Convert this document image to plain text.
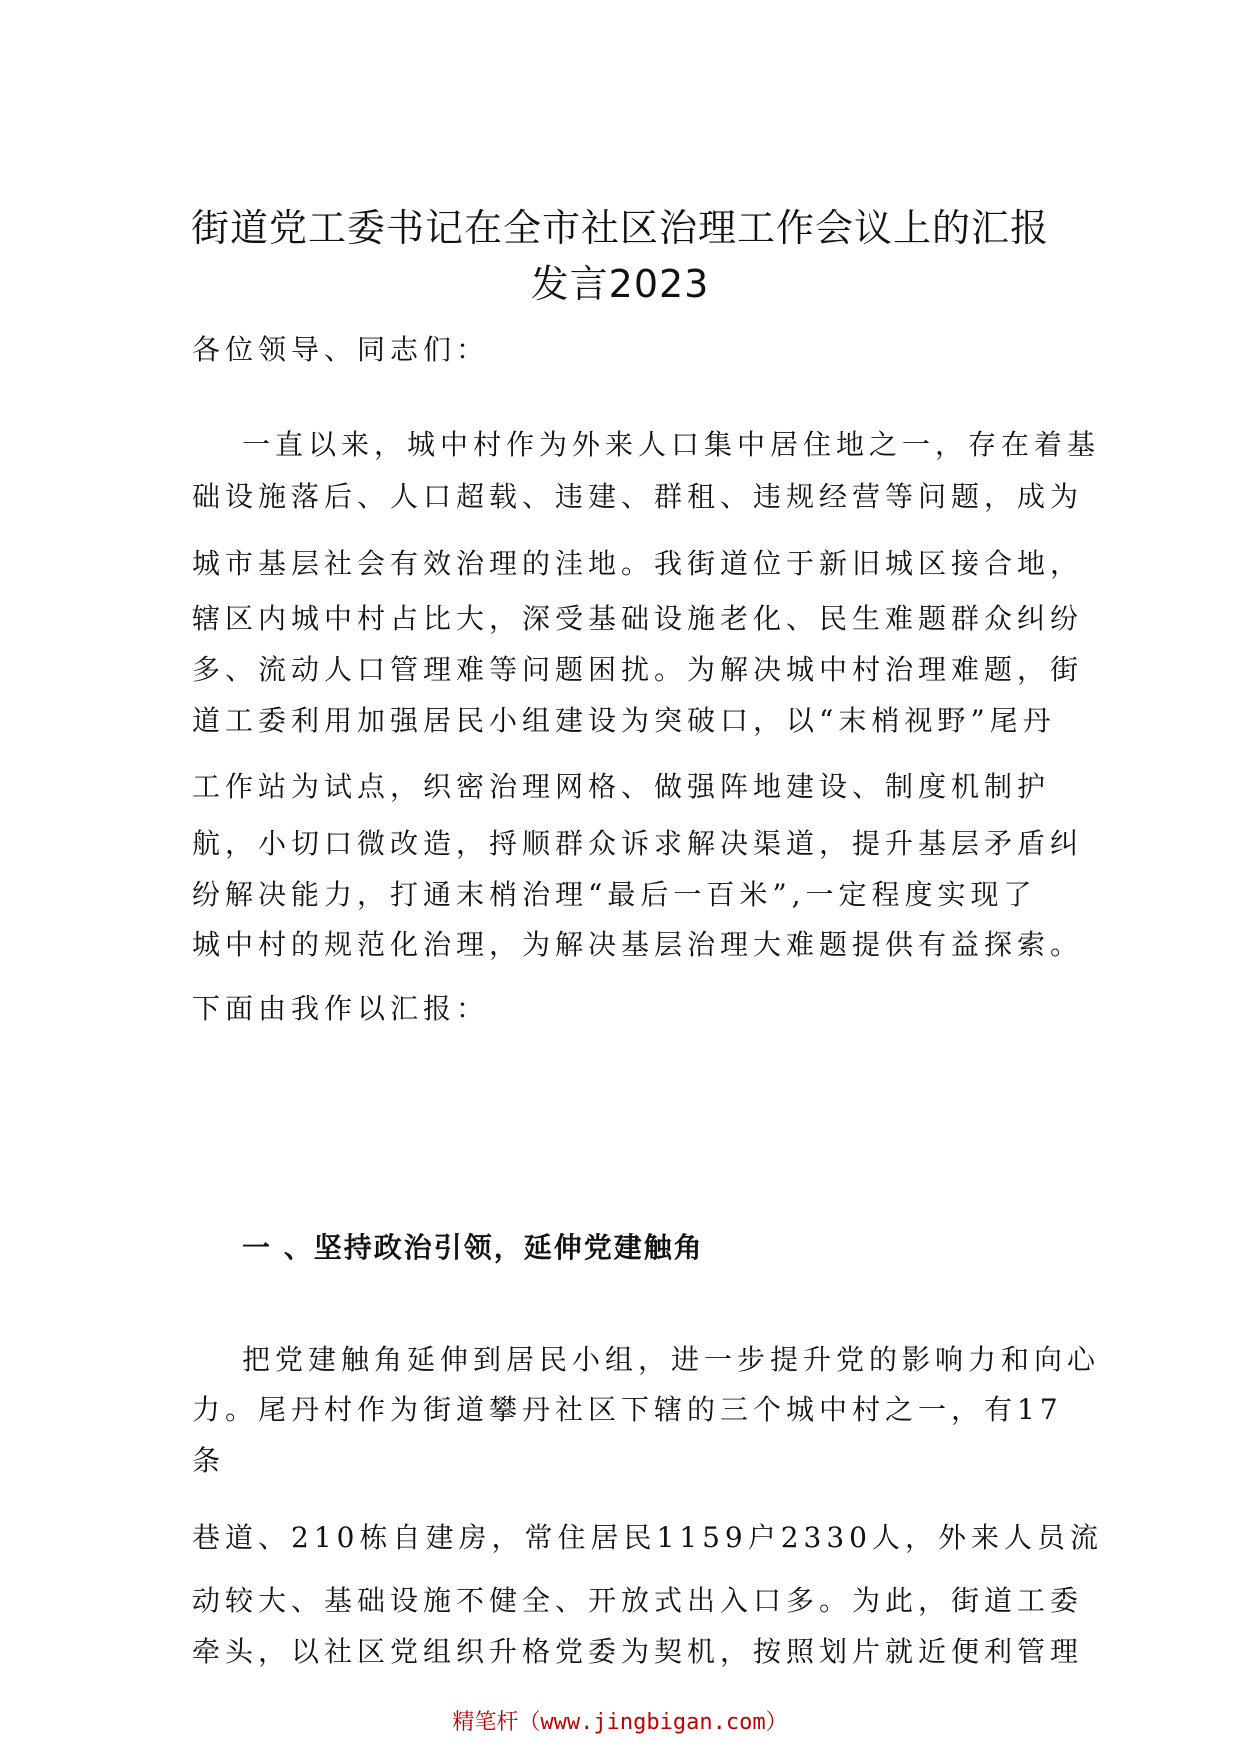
街道党工委书记在全市社区治理工作会议上的汇报
发言2023

各位领导、同志们：

一直以来，城中村作为外来人口集中居住地之一，存在着基

础设施落后、人口超载、违建、群租、违规经营等问题，成为

城市基层社会有效治理的洼地。我街道位于新旧城区接合地，

辖区内城中村占比大，深受基础设施老化、民生难题群众纠纷

多、流动人口管理难等问题困扰。为解决城中村治理难题，街

道工委利用加强居民小组建设为突破口，以“末梢视野”尾丹

工作站为试点，织密治理网格、做强阵地建设、制度机制护

航，小切口微改造，捋顺群众诉求解决渠道，提升基层矛盾纠

纷解决能力，打通末梢治理“最后一百米”,一定程度实现了

城中村的规范化治理，为解决基层治理大难题提供有益探索。

下面由我作以汇报：

一 、坚持政治引领，延伸党建触角

把党建触角延伸到居民小组，进一步提升党的影响力和向心

力。尾丹村作为街道攀丹社区下辖的三个城中村之一，有17

条

巷道、210栋自建房，常住居民1159户2330人，外来人员流

动较大、基础设施不健全、开放式出入口多。为此，街道工委

牵头，以社区党组织升格党委为契机，按照划片就近便利管理

精笔杆（www.jingbigan.com）
